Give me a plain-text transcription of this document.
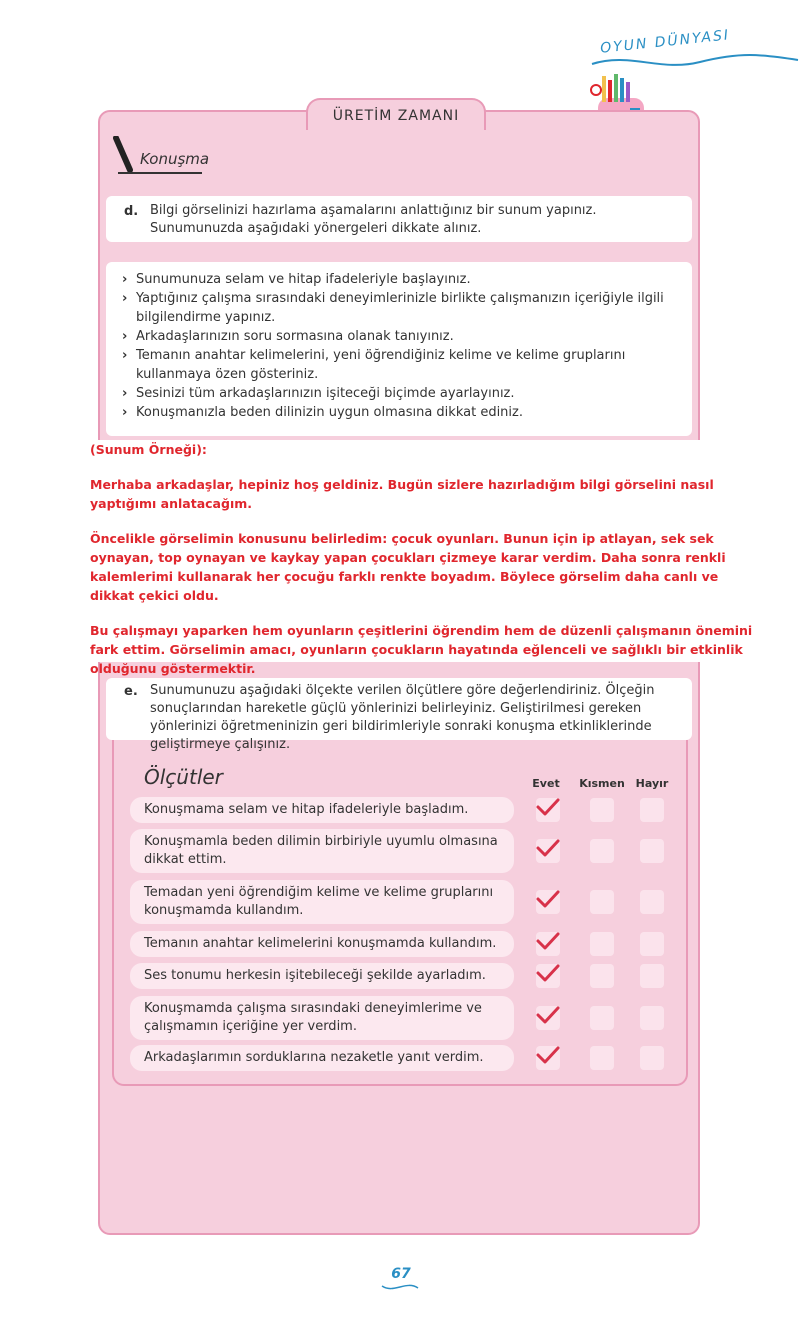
OYUN DÜNYASI
ÜRETİM ZAMANI
Konuşma
d. Bilgi görselinizi hazırlama aşamalarını anlattığınız bir sunum yapınız. Sunumunuzda aşağıdaki yönergeleri dikkate alınız.
› Sunumunuza selam ve hitap ifadeleriyle başlayınız.
› Yaptığınız çalışma sırasındaki deneyimlerinizle birlikte çalışmanızın içeriğiyle ilgili bilgilendirme yapınız.
› Arkadaşlarınızın soru sormasına olanak tanıyınız.
› Temanın anahtar kelimelerini, yeni öğrendiğiniz kelime ve kelime gruplarını kullanmaya özen gösteriniz.
› Sesinizi tüm arkadaşlarınızın işiteceği biçimde ayarlayınız.
› Konuşmanızla beden dilinizin uygun olmasına dikkat ediniz.

(Sunum Örneği):

Merhaba arkadaşlar, hepiniz hoş geldiniz. Bugün sizlere hazırladığım bilgi görselini nasıl yaptığımı anlatacağım.

Öncelikle görselimin konusunu belirledim: çocuk oyunları. Bunun için ip atlayan, sek sek oynayan, top oynayan ve kaykay yapan çocukları çizmeye karar verdim. Daha sonra renkli kalemlerimi kullanarak her çocuğu farklı renkte boyadım. Böylece görselim daha canlı ve dikkat çekici oldu.

Bu çalışmayı yaparken hem oyunların çeşitlerini öğrendim hem de düzenli çalışmanın önemini fark ettim. Görselimin amacı, oyunların çocukların hayatında eğlenceli ve sağlıklı bir etkinlik olduğunu göstermektir.

e. Sunumunuzu aşağıdaki ölçekte verilen ölçütlere göre değerlendiriniz. Ölçeğin sonuçlarından hareketle güçlü yönlerinizi belirleyiniz. Geliştirilmesi gereken yönlerinizi öğretmeninizin geri bildirimleriyle sonraki konuşma etkinliklerinde geliştirmeye çalışınız.
Ölçütler	Evet	Kısmen Hayır
Konuşmama selam ve hitap ifadeleriyle başladım.
Konuşmamla beden dilimin birbiriyle uyumlu olmasına dikkat ettim.
Temadan yeni öğrendiğim kelime ve kelime gruplarını konuşmamda kullandım.
Temanın anahtar kelimelerini konuşmamda kullandım.
Ses tonumu herkesin işitebileceği şekilde ayarladım.
Konuşmamda çalışma sırasındaki deneyimlerime ve çalışmamın içeriğine yer verdim.
Arkadaşlarımın sorduklarına nezaketle yanıt verdim.
67
